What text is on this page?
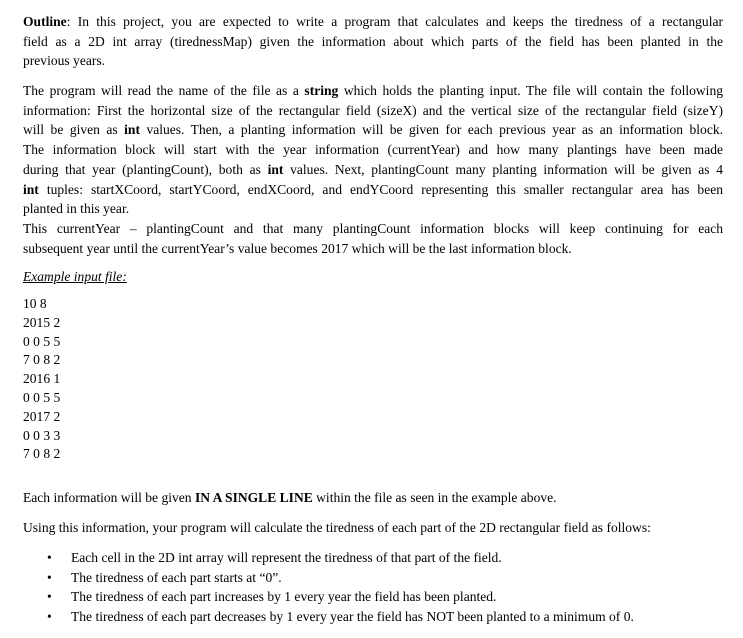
Outline: In this project, you are expected to write a program that calculates and keeps the tiredness of a rectangular
field as a 2D int array (tirednessMap) given the information about which parts of the field has been planted in the
previous years.

The program will read the name of the file as a string which holds the planting input. The file will contain the following
information: First the horizontal size of the rectangular field (sizeX) and the vertical size of the rectangular field (sizeY)
will be given as int values. Then, a planting information will be given for each previous year as an information block.
The information block will start with the year information (currentYear) and how many plantings have been made
during that year (plantingCount), both as int values. Next, plantingCount many planting information will be given as 4
int tuples: startXCoord, startYCoord, endXCoord, and endYCoord representing this smaller rectangular area has been
planted in this year.

This currentYear – plantingCount and that many plantingCount information blocks will keep continuing for each
subsequent year until the currentYear’s value becomes 2017 which will be the last information block.

Example input file:
10 8
2015 2
0 0 5 5
7 0 8 2
2016 1
0 0 5 5
2017 2
0 0 3 3
7 0 8 2

Each information will be given IN A SINGLE LINE within the file as seen in the example above.

Using this information, your program will calculate the tiredness of each part of the 2D rectangular field as follows:

• Each cell in the 2D int array will represent the tiredness of that part of the field.
• The tiredness of each part starts at “0”.
• The tiredness of each part increases by 1 every year the field has been planted.
• The tiredness of each part decreases by 1 every year the field has NOT been planted to a minimum of 0.
